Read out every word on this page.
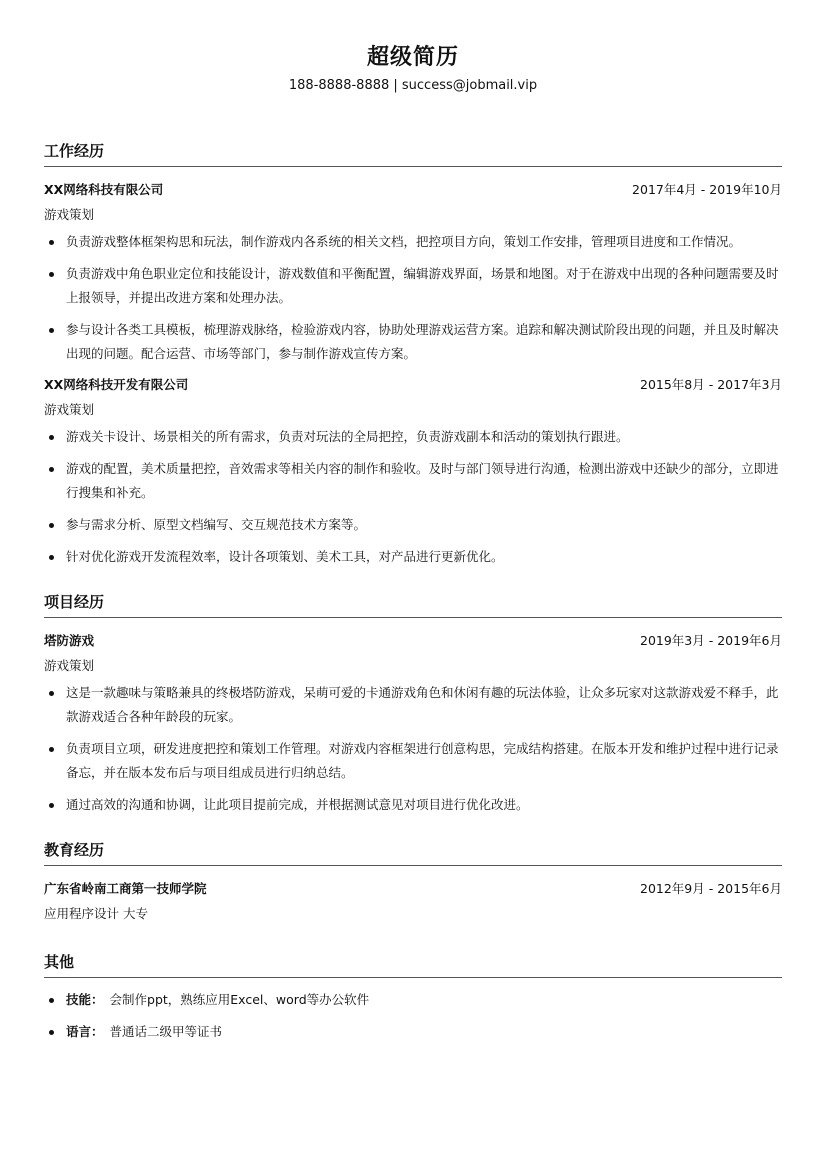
超级简历
188-8888-8888 | success@jobmail.vip
工作经历
XX网络科技有限公司	2017年4月 - 2019年10月
游戏策划
负责游戏整体框架构思和玩法，制作游戏内各系统的相关文档，把控项目方向，策划工作安排，管理项目进度和工作情况。
负责游戏中角色职业定位和技能设计，游戏数值和平衡配置，编辑游戏界面，场景和地图。对于在游戏中出现的各种问题需要及时上报领导，并提出改进方案和处理办法。
参与设计各类工具模板，梳理游戏脉络，检验游戏内容，协助处理游戏运营方案。追踪和解决测试阶段出现的问题，并且及时解决出现的问题。配合运营、市场等部门，参与制作游戏宣传方案。
XX网络科技开发有限公司	2015年8月 - 2017年3月
游戏策划
游戏关卡设计、场景相关的所有需求，负责对玩法的全局把控，负责游戏副本和活动的策划执行跟进。
游戏的配置，美术质量把控，音效需求等相关内容的制作和验收。及时与部门领导进行沟通，检测出游戏中还缺少的部分，立即进行搜集和补充。
参与需求分析、原型文档编写、交互规范技术方案等。
针对优化游戏开发流程效率，设计各项策划、美术工具，对产品进行更新优化。
项目经历
塔防游戏	2019年3月 - 2019年6月
游戏策划
这是一款趣味与策略兼具的终极塔防游戏，呆萌可爱的卡通游戏角色和休闲有趣的玩法体验，让众多玩家对这款游戏爱不释手，此款游戏适合各种年龄段的玩家。
负责项目立项，研发进度把控和策划工作管理。对游戏内容框架进行创意构思，完成结构搭建。在版本开发和维护过程中进行记录备忘，并在版本发布后与项目组成员进行归纳总结。
通过高效的沟通和协调，让此项目提前完成，并根据测试意见对项目进行优化改进。
教育经历
广东省岭南工商第一技师学院	2012年9月 - 2015年6月
应用程序设计 大专
其他
技能： 会制作ppt，熟练应用Excel、word等办公软件
语言： 普通话二级甲等证书
